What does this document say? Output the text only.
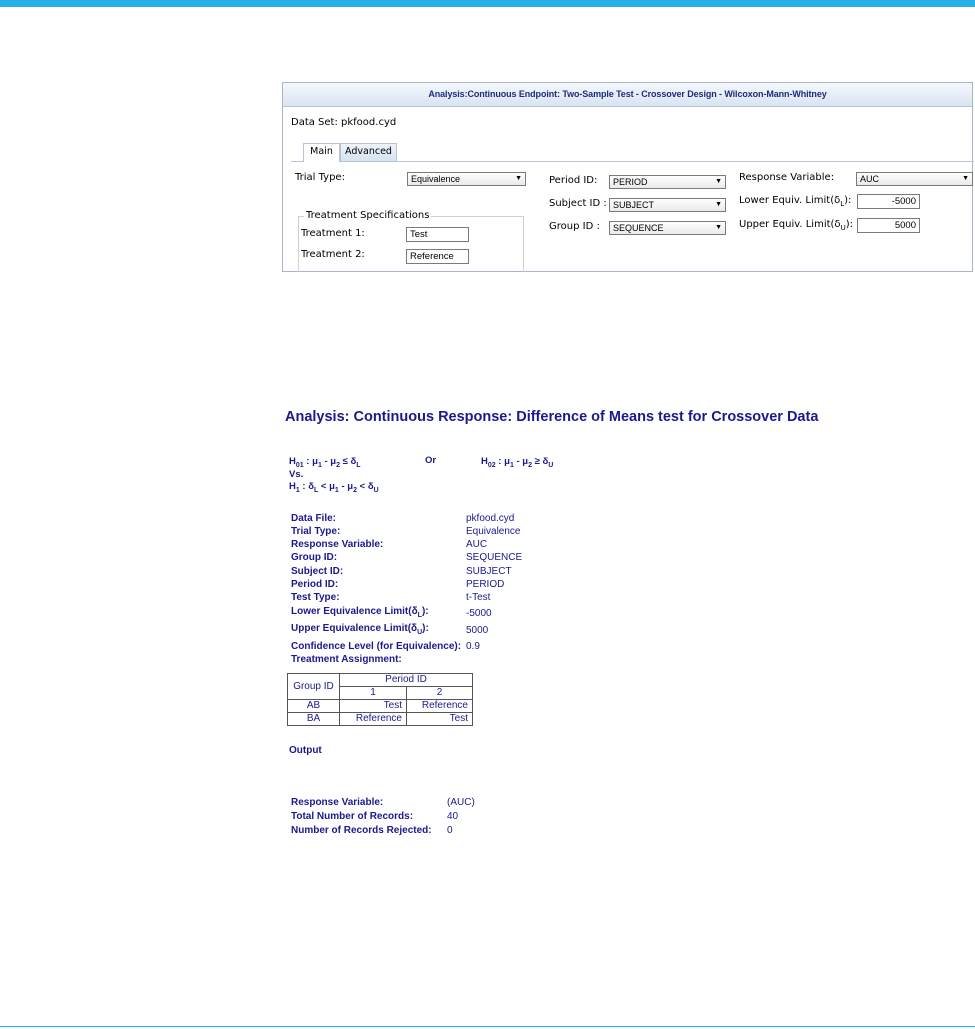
Analysis:Continuous Endpoint: Two-Sample Test - Crossover Design - Wilcoxon-Mann-Whitney
Data Set: pkfood.cyd
Main	Advanced
Trial Type:	Equivalence	▼
Treatment Specifications
Treatment 1:	Test
Treatment 2:	Reference
Period ID:	PERIOD	▼
Subject ID : SUBJECT	▼
Group ID :	SEQUENCE	▼
Response Variable:	AUC	▼
Lower Equiv. $Limit(\delta_L)$:	-5000
Upper Equiv. $Limit(\delta_U)$:	5000
Analysis: Continuous Response: Difference of Means test for Crossover Data
$H_{01}$ : $\mu_1 - \mu_2 \le \delta_L$	Or	$H_{02}$ : $\mu_1 - \mu_2 \ge \delta_U$
Vs.
$H_1$ : $\delta_L < \mu_1 - \mu_2 < \delta_U$
Data File:	pkfood.cyd
Trial Type:	Equivalence
Response Variable:	AUC
Group ID:	SEQUENCE
Subject ID:	SUBJECT
Period ID:	PERIOD
Test Type:	t-Test
Lower Equivalence $Limit(\delta_L)$:	-5000
Upper Equivalence $Limit(\delta_U)$:	5000
Confidence Level (for Equivalence): 0.9
Treatment Assignment:
Group ID	Period ID	
	1	2
AB	Test	Reference
BA	Reference	Test
Output
Response Variable:	(AUC)
Total Number of Records:	40
Number of Records Rejected: 0
